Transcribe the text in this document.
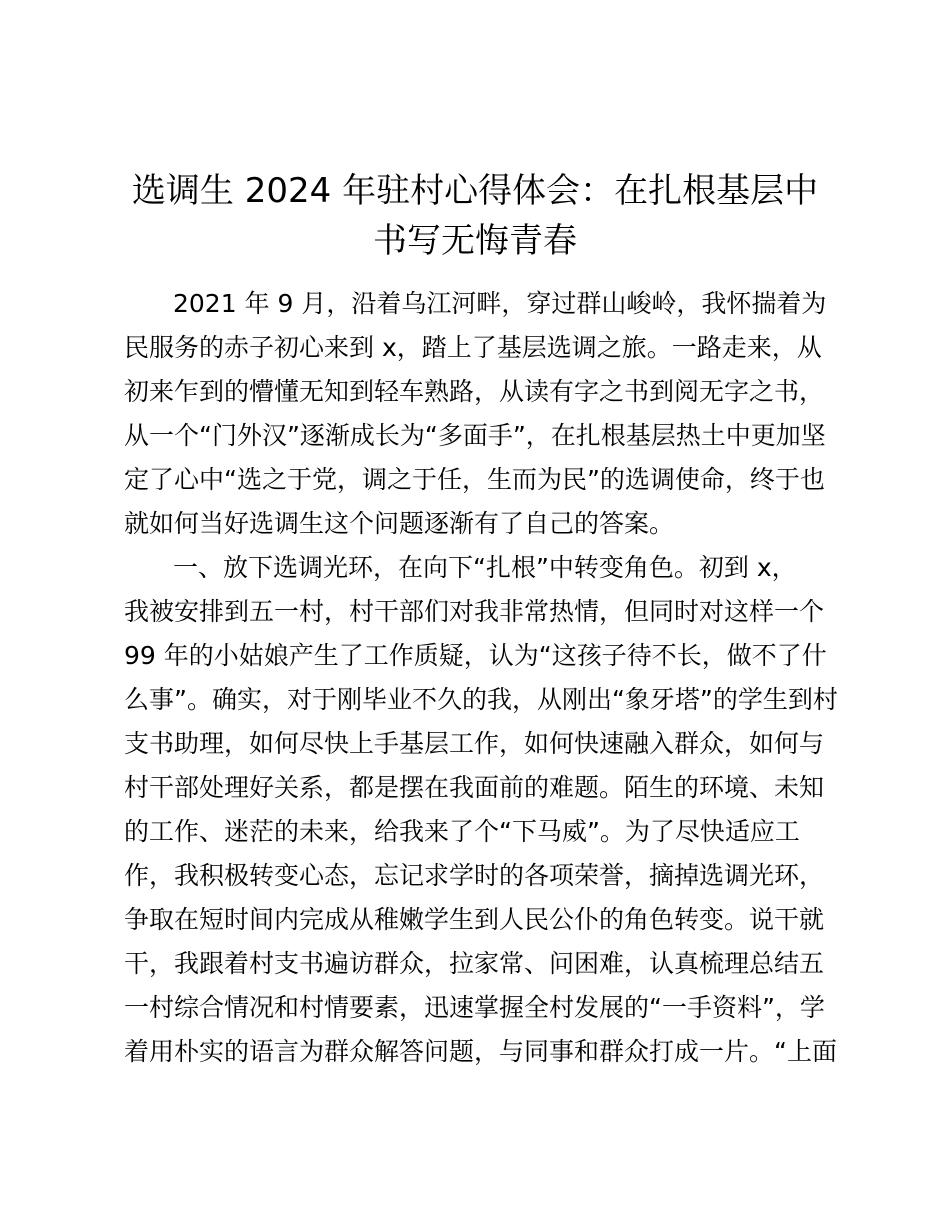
选调生 2024 年驻村心得体会：在扎根基层中
书写无悔青春
2021 年 9 月，沿着乌江河畔，穿过群山峻岭，我怀揣着为
民服务的赤子初心来到 x，踏上了基层选调之旅。一路走来，从
初来乍到的懵懂无知到轻车熟路，从读有字之书到阅无字之书，
从一个“门外汉”逐渐成长为“多面手”，在扎根基层热土中更加坚
定了心中“选之于党，调之于任，生而为民”的选调使命，终于也
就如何当好选调生这个问题逐渐有了自己的答案。
一、放下选调光环，在向下“扎根”中转变角色。初到 x，
我被安排到五一村，村干部们对我非常热情，但同时对这样一个
99 年的小姑娘产生了工作质疑，认为“这孩子待不长，做不了什
么事”。确实，对于刚毕业不久的我，从刚出“象牙塔”的学生到村
支书助理，如何尽快上手基层工作，如何快速融入群众，如何与
村干部处理好关系，都是摆在我面前的难题。陌生的环境、未知
的工作、迷茫的未来，给我来了个“下马威”。为了尽快适应工
作，我积极转变心态，忘记求学时的各项荣誉，摘掉选调光环，
争取在短时间内完成从稚嫩学生到人民公仆的角色转变。说干就
干，我跟着村支书遍访群众，拉家常、问困难，认真梳理总结五
一村综合情况和村情要素，迅速掌握全村发展的“一手资料”，学
着用朴实的语言为群众解答问题，与同事和群众打成一片。“上面
